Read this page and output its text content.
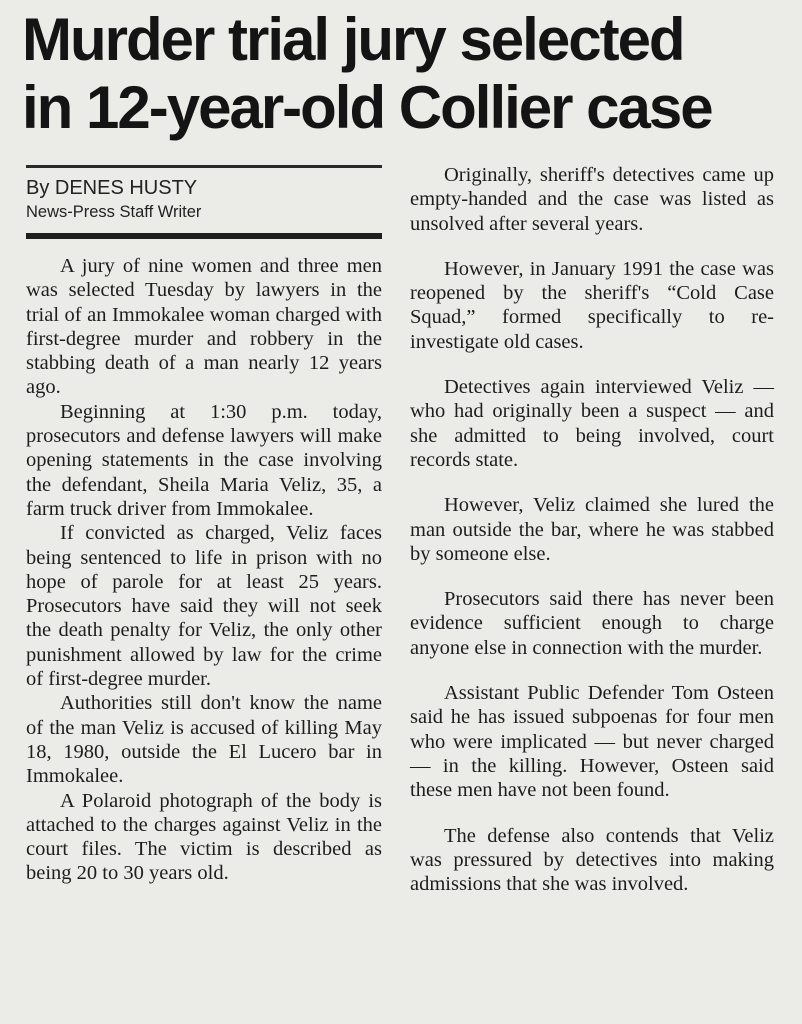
Murder trial jury selected
in 12-year-old Collier case

By DENES HUSTY

News-Press Staff Writer

A jury of nine women and three men was selected Tuesday by lawyers in the trial of an Immokalee woman charged with first-degree murder and robbery in the stabbing death of a man nearly 12 years ago.

Beginning at 1:30 p.m. today, prosecutors and defense lawyers will make opening statements in the case involving the defendant, Sheila Maria Veliz, 35, a farm truck driver from Immokalee.

If convicted as charged, Veliz faces being sentenced to life in prison with no hope of parole for at least 25 years. Prosecutors have said they will not seek the death penalty for Veliz, the only other punishment allowed by law for the crime of first-degree murder.

Authorities still don't know the name of the man Veliz is accused of killing May 18, 1980, outside the El Lucero bar in Immokalee.

A Polaroid photograph of the body is attached to the charges against Veliz in the court files. The victim is described as being 20 to 30 years old.

Originally, sheriff's detectives came up empty-handed and the case was listed as unsolved after several years.

However, in January 1991 the case was reopened by the sheriff's “Cold Case Squad,” formed specifically to re-investigate old cases.

Detectives again interviewed Veliz — who had originally been a suspect — and she admitted to being involved, court records state.

However, Veliz claimed she lured the man outside the bar, where he was stabbed by someone else.

Prosecutors said there has never been evidence sufficient enough to charge anyone else in connection with the murder.

Assistant Public Defender Tom Osteen said he has issued subpoenas for four men who were implicated — but never charged — in the killing. However, Osteen said these men have not been found.

The defense also contends that Veliz was pressured by detectives into making admissions that she was involved.
